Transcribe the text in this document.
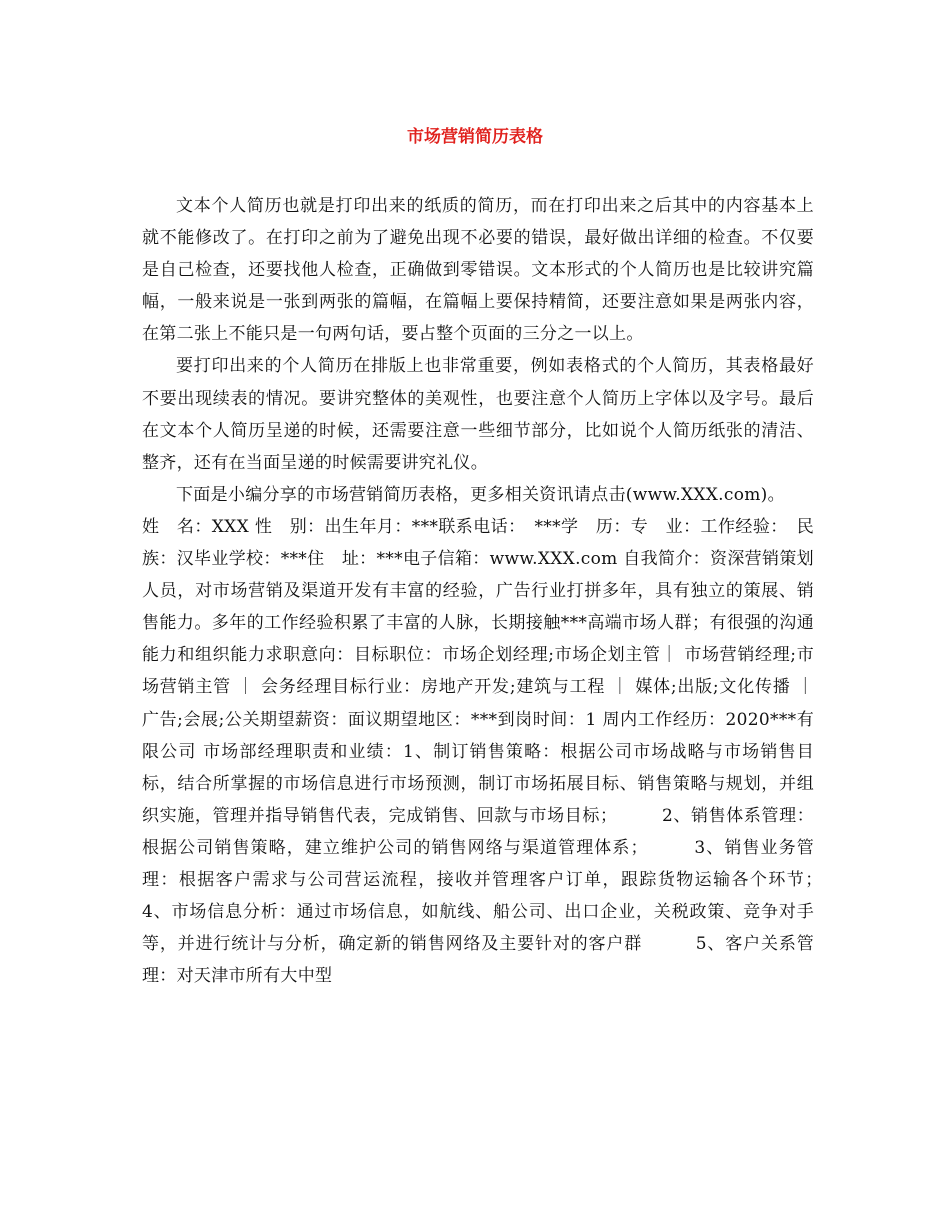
市场营销简历表格

文本个人简历也就是打印出来的纸质的简历，而在打印出来之后其中的内容基本上就不能修改了。在打印之前为了避免出现不必要的错误，最好做出详细的检查。不仅要是自己检查，还要找他人检查，正确做到零错误。文本形式的个人简历也是比较讲究篇幅，一般来说是一张到两张的篇幅，在篇幅上要保持精简，还要注意如果是两张内容，在第二张上不能只是一句两句话，要占整个页面的三分之一以上。

要打印出来的个人简历在排版上也非常重要，例如表格式的个人简历，其表格最好不要出现续表的情况。要讲究整体的美观性，也要注意个人简历上字体以及字号。最后在文本个人简历呈递的时候，还需要注意一些细节部分，比如说个人简历纸张的清洁、整齐，还有在当面呈递的时候需要讲究礼仪。

下面是小编分享的市场营销简历表格，更多相关资讯请点击(www.XXX.com)。

姓　名：XXX 性　别：出生年月：***联系电话：　***学　历：专　业：工作经验：　民族：汉毕业学校：***住　址：***电子信箱：www.XXX.com 自我简介：资深营销策划人员，对市场营销及渠道开发有丰富的经验，广告行业打拼多年，具有独立的策展、销售能力。多年的工作经验积累了丰富的人脉，长期接触***高端市场人群；有很强的沟通能力和组织能力求职意向：目标职位：市场企划经理;市场企划主管｜ 市场营销经理;市场营销主管 ｜ 会务经理目标行业：房地产开发;建筑与工程 ｜ 媒体;出版;文化传播 ｜ 广告;会展;公关期望薪资：面议期望地区：***到岗时间：1 周内工作经历：2020***有限公司 市场部经理职责和业绩：1、制订销售策略：根据公司市场战略与市场销售目标，结合所掌握的市场信息进行市场预测，制订市场拓展目标、销售策略与规划，并组织实施，管理并指导销售代表，完成销售、回款与市场目标；　　　2、销售体系管理：根据公司销售策略，建立维护公司的销售网络与渠道管理体系；　　　3、销售业务管理：根据客户需求与公司营运流程，接收并管理客户订单，跟踪货物运输各个环节；　　　4、市场信息分析：通过市场信息，如航线、船公司、出口企业，关税政策、竞争对手等，并进行统计与分析，确定新的销售网络及主要针对的客户群　　　5、客户关系管理：对天津市所有大中型
